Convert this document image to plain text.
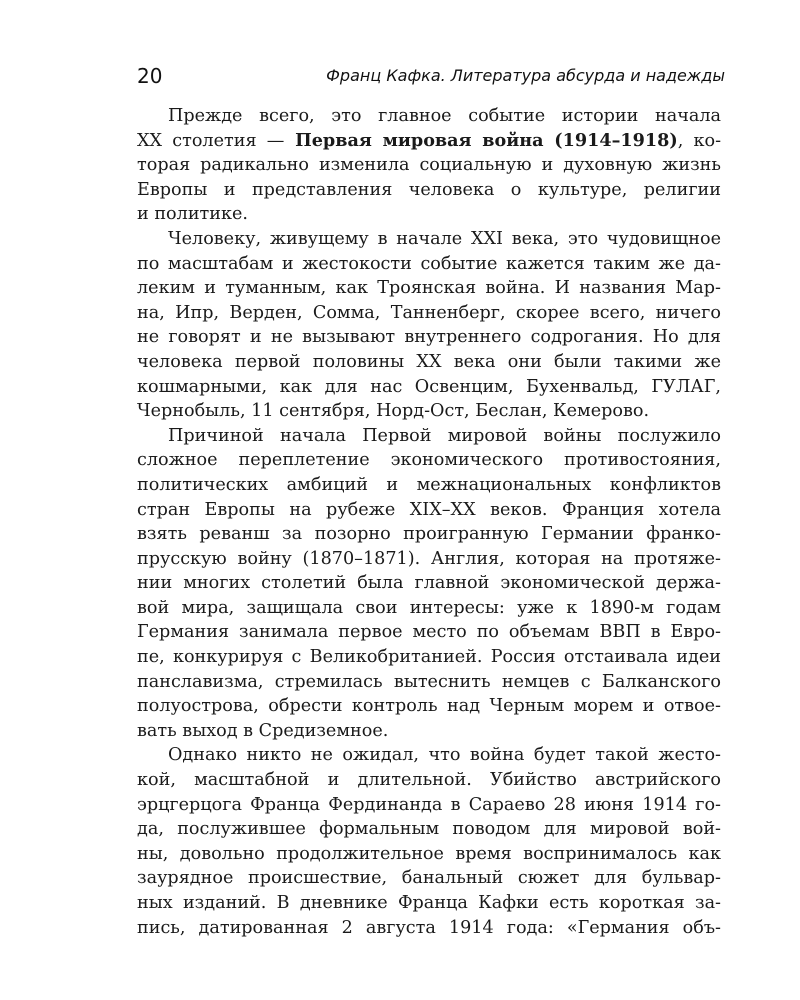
20	Франц Кафка. Литература абсурда и надежды
Прежде всего, это главное событие истории начала
XX столетия — Первая мировая война (1914–1918), ко-
торая радикально изменила социальную и духовную жизнь
Европы и представления человека о культуре, религии
и политике.
Человеку, живущему в начале XXI века, это чудовищное
по масштабам и жестокости событие кажется таким же да-
леким и туманным, как Троянская война. И названия Мар-
на, Ипр, Верден, Сомма, Танненберг, скорее всего, ничего
не говорят и не вызывают внутреннего содрогания. Но для
человека первой половины XX века они были такими же
кошмарными, как для нас Освенцим, Бухенвальд, ГУЛАГ,
Чернобыль, 11 сентября, Норд-Ост, Беслан, Кемерово.
Причиной начала Первой мировой войны послужило
сложное переплетение экономического противостояния,
политических амбиций и межнациональных конфликтов
стран Европы на рубеже XIX–XX веков. Франция хотела
взять реванш за позорно проигранную Германии франко-
прусскую войну (1870–1871). Англия, которая на протяже-
нии многих столетий была главной экономической держа-
вой мира, защищала свои интересы: уже к 1890-м годам
Германия занимала первое место по объемам ВВП в Евро-
пе, конкурируя с Великобританией. Россия отстаивала идеи
панславизма, стремилась вытеснить немцев с Балканского
полуострова, обрести контроль над Черным морем и отвое-
вать выход в Средиземное.
Однако никто не ожидал, что война будет такой жесто-
кой, масштабной и длительной. Убийство австрийского
эрцгерцога Франца Фердинанда в Сараево 28 июня 1914 го-
да, послужившее формальным поводом для мировой вой-
ны, довольно продолжительное время воспринималось как
заурядное происшествие, банальный сюжет для бульвар-
ных изданий. В дневнике Франца Кафки есть короткая за-
пись, датированная 2 августа 1914 года: «Германия объ-
